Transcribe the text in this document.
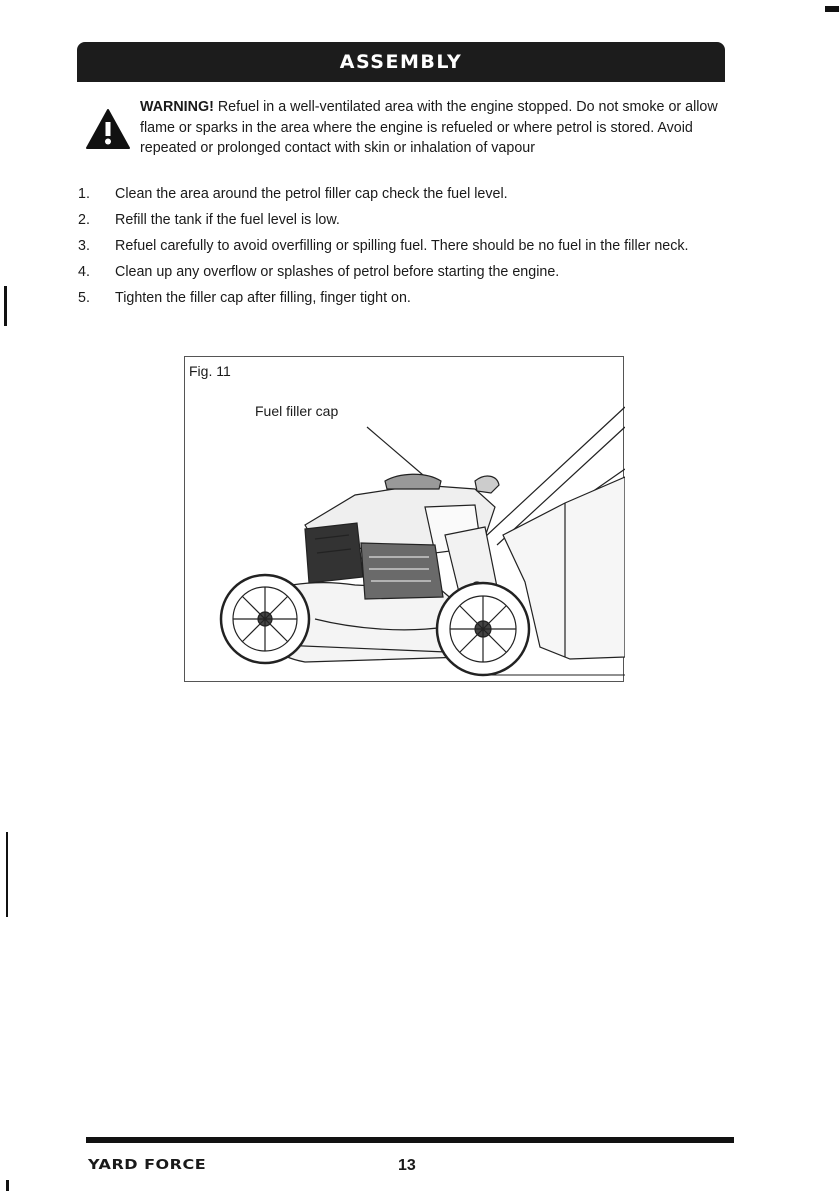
ASSEMBLY

WARNING! Refuel in a well-ventilated area with the engine stopped. Do not smoke or allow flame or sparks in the area where the engine is refueled or where petrol is stored. Avoid repeated or prolonged contact with skin or inhalation of vapour

1. Clean the area around the petrol filler cap check the fuel level.
2. Refill the tank if the fuel level is low.
3. Refuel carefully to avoid overfilling or spilling fuel. There should be no fuel in the filler neck.
4. Clean up any overflow or splashes of petrol before starting the engine.
5. Tighten the filler cap after filling, finger tight on.
Fig. 11
Fuel filler cap
YARD FORCE	13
